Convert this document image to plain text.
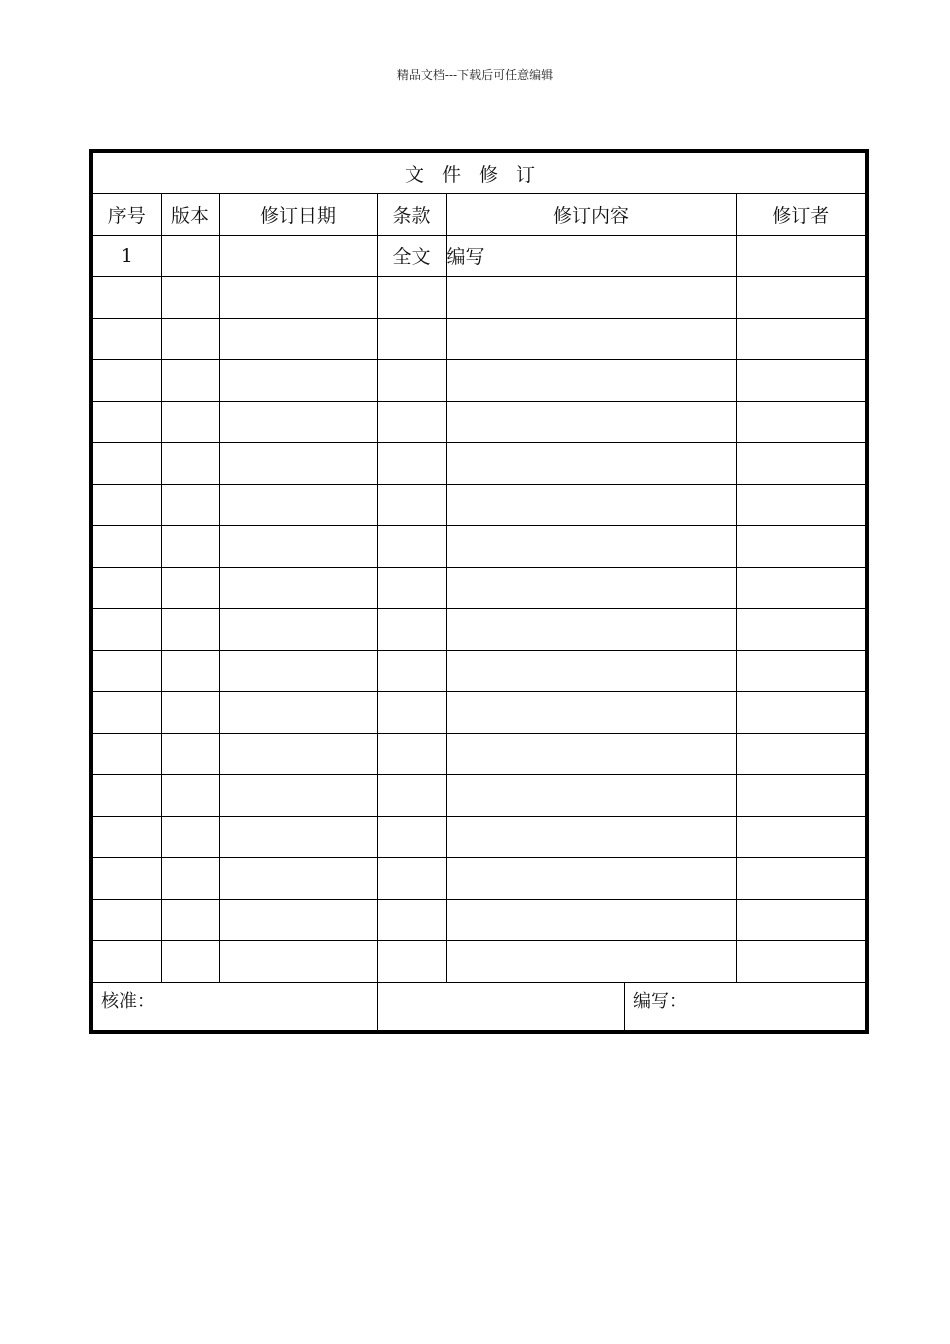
精品文档---下载后可任意编辑
文件修订
序号	版本	修订日期	条款	修订内容	修订者
1			全文	编写	

核准：	编写：
